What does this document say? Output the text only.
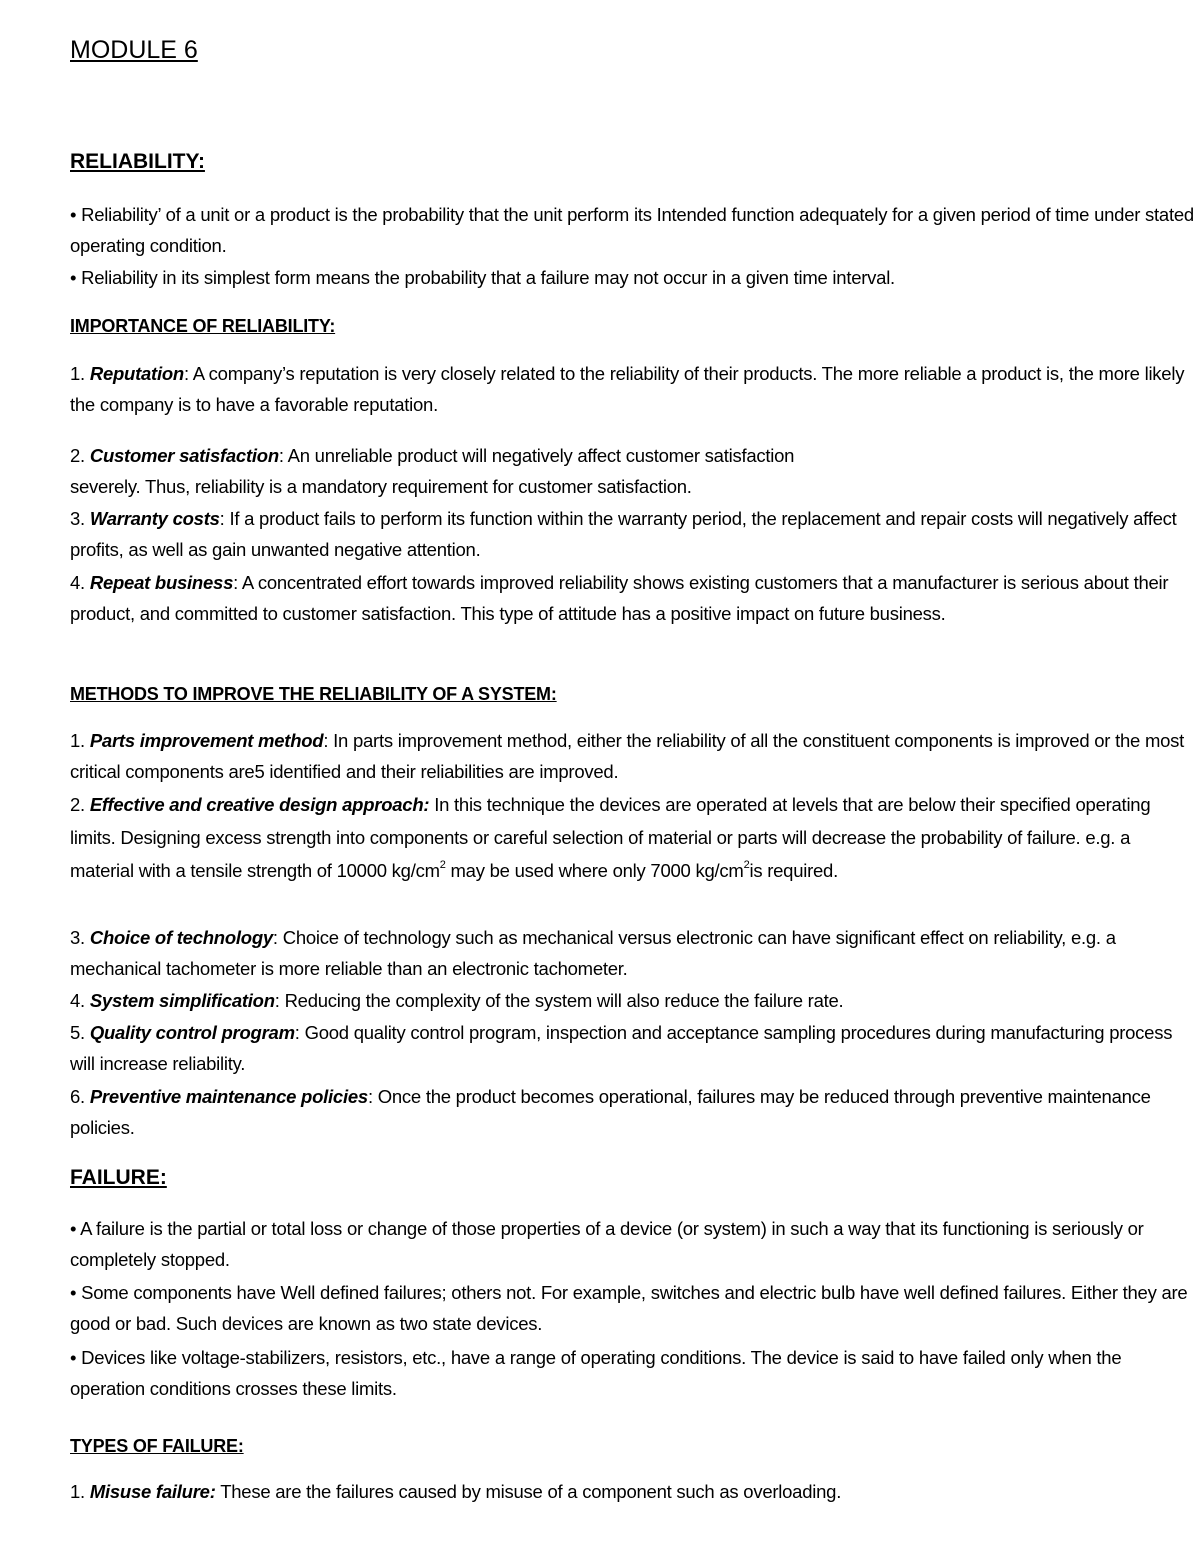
MODULE 6
RELIABILITY:
• Reliability’ of a unit or a product is the probability that the unit perform its Intended function adequately for a given period of time under stated operating condition.
• Reliability in its simplest form means the probability that a failure may not occur in a given time interval.
IMPORTANCE OF RELIABILITY:
1. Reputation: A company’s reputation is very closely related to the reliability of their products. The more reliable a product is, the more likely the company is to have a favorable reputation.
2. Customer satisfaction: An unreliable product will negatively affect customer satisfaction
severely. Thus, reliability is a mandatory requirement for customer satisfaction.
3. Warranty costs: If a product fails to perform its function within the warranty period, the replacement and repair costs will negatively affect profits, as well as gain unwanted negative attention.
4. Repeat business: A concentrated effort towards improved reliability shows existing customers that a manufacturer is serious about their product, and committed to customer satisfaction. This type of attitude has a positive impact on future business.
METHODS TO IMPROVE THE RELIABILITY OF A SYSTEM:
1. Parts improvement method: In parts improvement method, either the reliability of all the constituent components is improved or the most critical components are5 identified and their reliabilities are improved.
2. Effective and creative design approach: In this technique the devices are operated at levels that are below their specified operating limits. Designing excess strength into components or careful selection of material or parts will decrease the probability of failure. e.g. a material with a tensile strength of 10000 $kg/cm^2$ may be used where only 7000 $kg/cm^2is$ required.
3. Choice of technology: Choice of technology such as mechanical versus electronic can have significant effect on reliability, e.g. a mechanical tachometer is more reliable than an electronic tachometer.
4. System simplification: Reducing the complexity of the system will also reduce the failure rate.
5. Quality control program: Good quality control program, inspection and acceptance sampling procedures during manufacturing process will increase reliability.
6. Preventive maintenance policies: Once the product becomes operational, failures may be reduced through preventive maintenance policies.
FAILURE:
• A failure is the partial or total loss or change of those properties of a device (or system) in such a way that its functioning is seriously or completely stopped.
• Some components have Well defined failures; others not. For example, switches and electric bulb have well defined failures. Either they are good or bad. Such devices are known as two state devices.
• Devices like voltage-stabilizers, resistors, etc., have a range of operating conditions. The device is said to have failed only when the operation conditions crosses these limits.
TYPES OF FAILURE:
1. Misuse failure: These are the failures caused by misuse of a component such as overloading.
